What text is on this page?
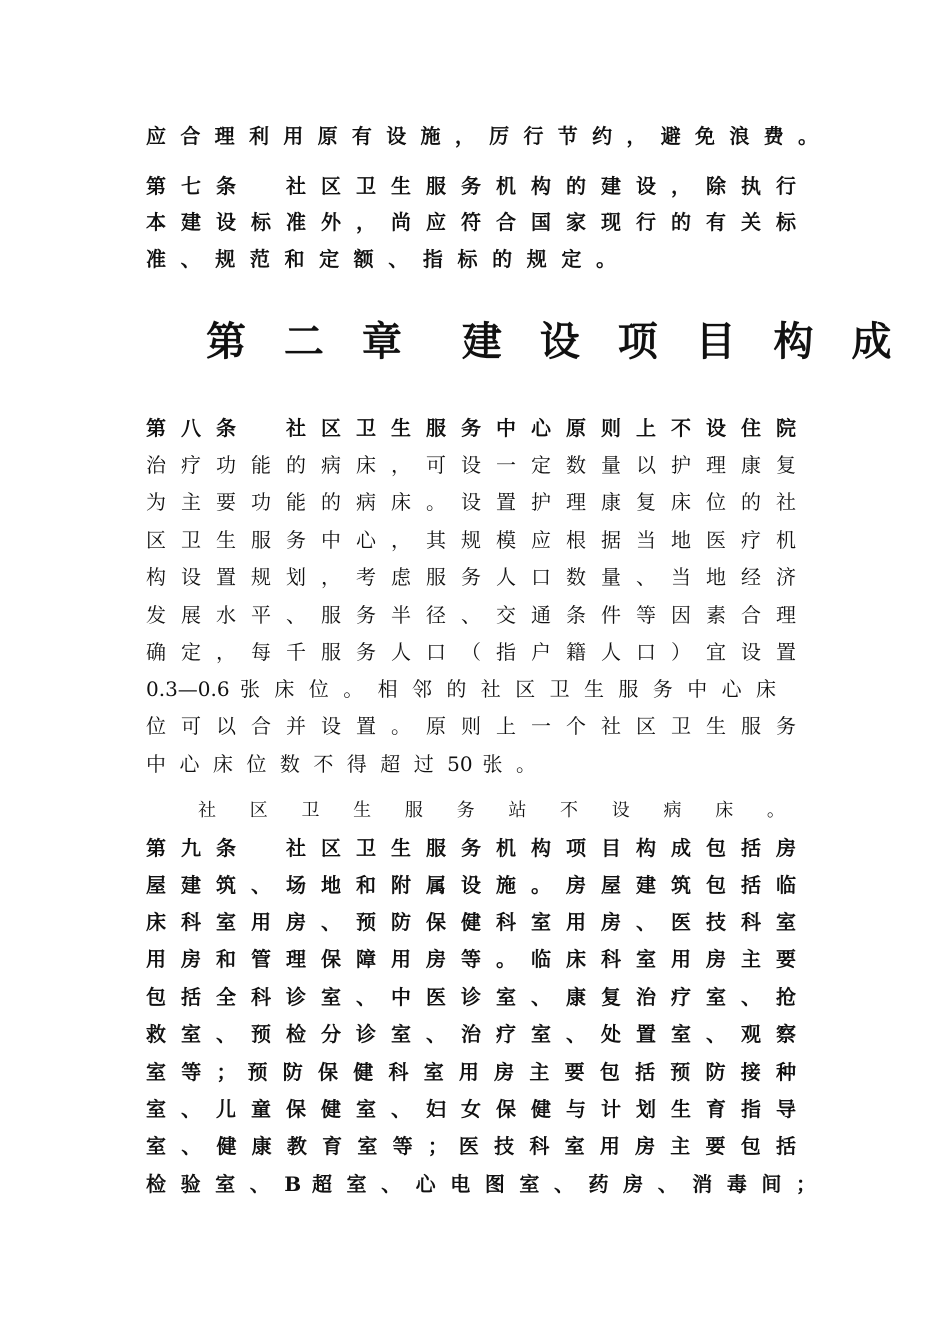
应 合 理 利 用 原 有 设 施 ， 厉 行 节 约 ， 避 免 浪 费 。
第 七 条 　 社 区 卫 生 服 务 机 构 的 建 设 ， 除 执 行
本 建 设 标 准 外 ， 尚 应 符 合 国 家 现 行 的 有 关 标
准 、 规 范 和 定 额 、 指 标 的 规 定 。
第 二 章 建 设 项 目 构 成
第 八 条 　 社 区 卫 生 服 务 中 心 原 则 上 不 设 住 院
治 疗 功 能 的 病 床 ， 可 设 一 定 数 量 以 护 理 康 复
为 主 要 功 能 的 病 床 。 设 置 护 理 康 复 床 位 的 社
区 卫 生 服 务 中 心 ， 其 规 模 应 根 据 当 地 医 疗 机
构 设 置 规 划 ， 考 虑 服 务 人 口 数 量 、 当 地 经 济
发 展 水 平 、 服 务 半 径 、 交 通 条 件 等 因 素 合 理
确 定 ， 每 千 服 务 人 口 （ 指 户 籍 人 口 ） 宜 设 置
0.3—0.6 张 床 位 。 相 邻 的 社 区 卫 生 服 务 中 心 床
位 可 以 合 并 设 置 。 原 则 上 一 个 社 区 卫 生 服 务
中 心 床 位 数 不 得 超 过 50 张 。
社 区 卫 生 服 务 站 不 设 病 床 。
第 九 条 　 社 区 卫 生 服 务 机 构 项 目 构 成 包 括 房
屋 建 筑 、 场 地 和 附 属 设 施 。 房 屋 建 筑 包 括 临
床 科 室 用 房 、 预 防 保 健 科 室 用 房 、 医 技 科 室
用 房 和 管 理 保 障 用 房 等 。 临 床 科 室 用 房 主 要
包 括 全 科 诊 室 、 中 医 诊 室 、 康 复 治 疗 室 、 抢
救 室 、 预 检 分 诊 室 、 治 疗 室 、 处 置 室 、 观 察
室 等 ； 预 防 保 健 科 室 用 房 主 要 包 括 预 防 接 种
室 、 儿 童 保 健 室 、 妇 女 保 健 与 计 划 生 育 指 导
室 、 健 康 教 育 室 等 ； 医 技 科 室 用 房 主 要 包 括
检 验 室 、 B 超 室 、 心 电 图 室 、 药 房 、 消 毒 间 ；
